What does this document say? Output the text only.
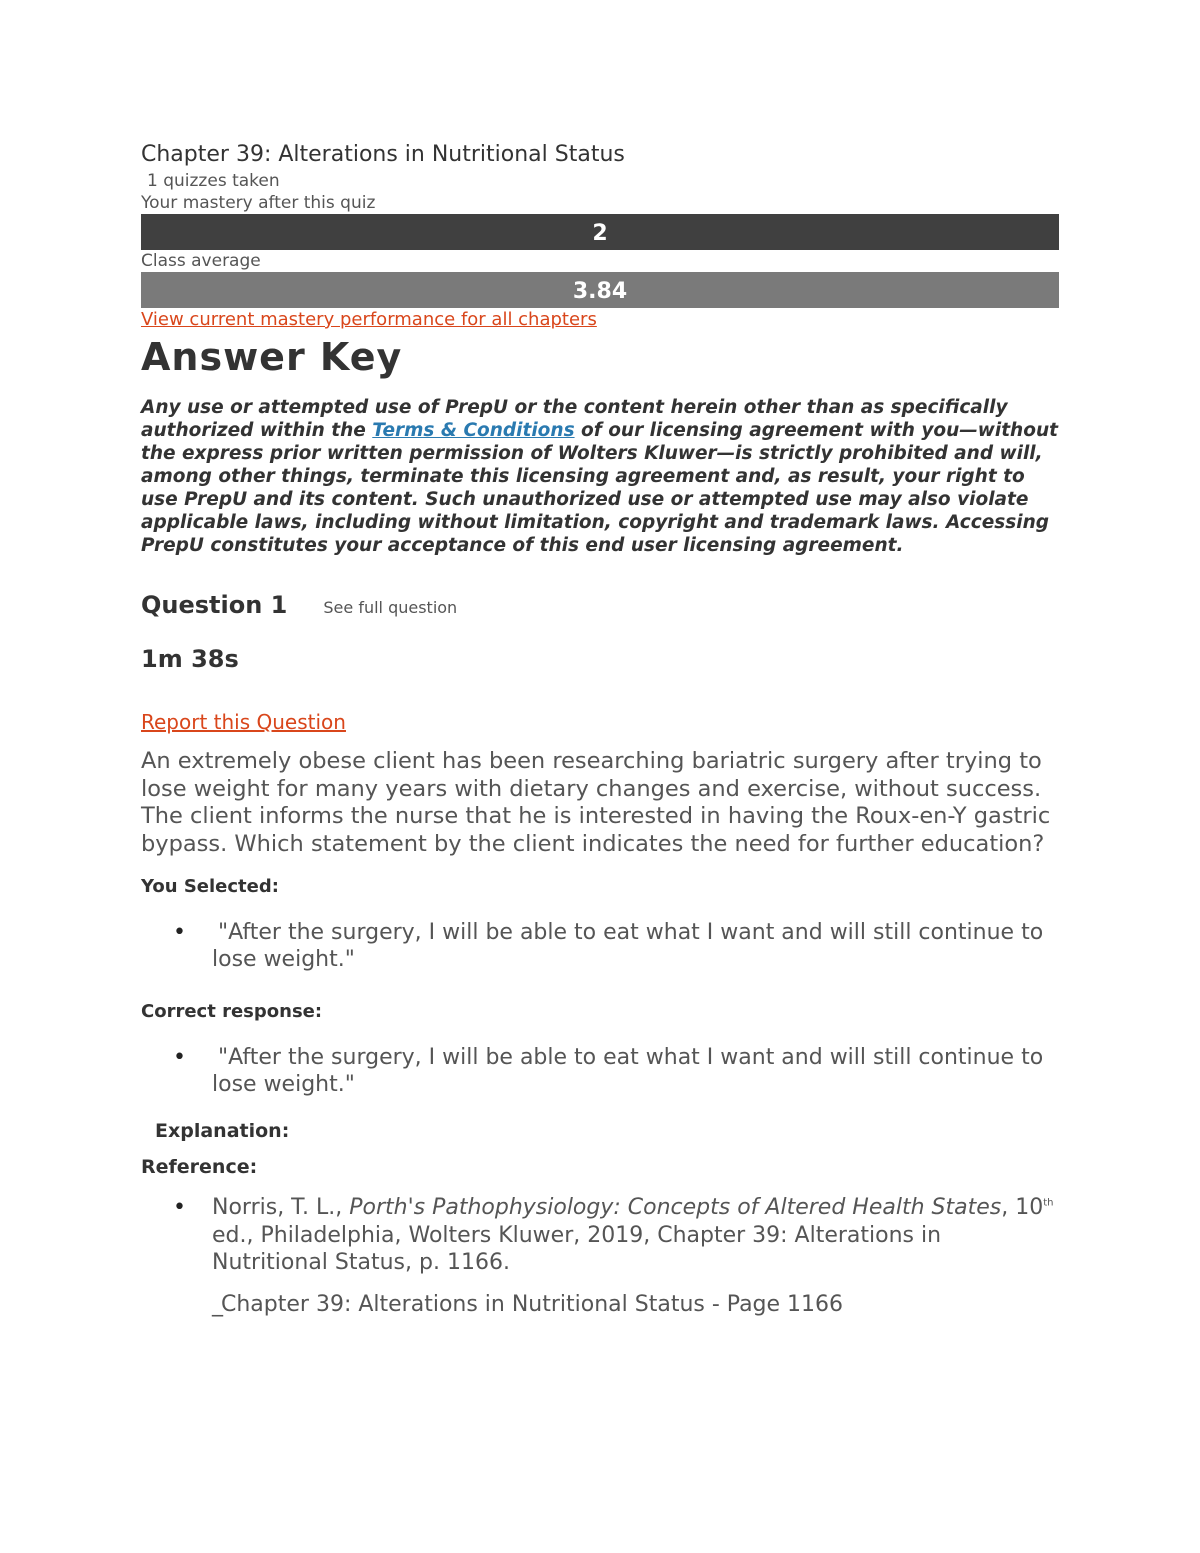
Chapter 39: Alterations in Nutritional Status
1 quizzes taken
Your mastery after this quiz
2
Class average
3.84
View current mastery performance for all chapters
Answer Key

Any use or attempted use of PrepU or the content herein other than as specifically authorized within the Terms & Conditions of our licensing agreement with you—without the express prior written permission of Wolters Kluwer—is strictly prohibited and will, among other things, terminate this licensing agreement and, as result, your right to use PrepU and its content. Such unauthorized use or attempted use may also violate applicable laws, including without limitation, copyright and trademark laws. Accessing PrepU constitutes your acceptance of this end user licensing agreement.

Question 1 See full question
1m 38s
Report this Question

An extremely obese client has been researching bariatric surgery after trying to lose weight for many years with dietary changes and exercise, without success. The client informs the nurse that he is interested in having the Roux-en-Y gastric bypass. Which statement by the client indicates the need for further education?

You Selected:
• "After the surgery, I will be able to eat what I want and will still continue to lose weight."
Correct response:
• "After the surgery, I will be able to eat what I want and will still continue to lose weight."
Explanation:
Reference:
• Norris, T. L., Porth's Pathophysiology: Concepts of Altered Health States, 10th ed., Philadelphia, Wolters Kluwer, 2019, Chapter 39: Alterations in Nutritional Status, p. 1166.
_Chapter 39: Alterations in Nutritional Status - Page 1166
